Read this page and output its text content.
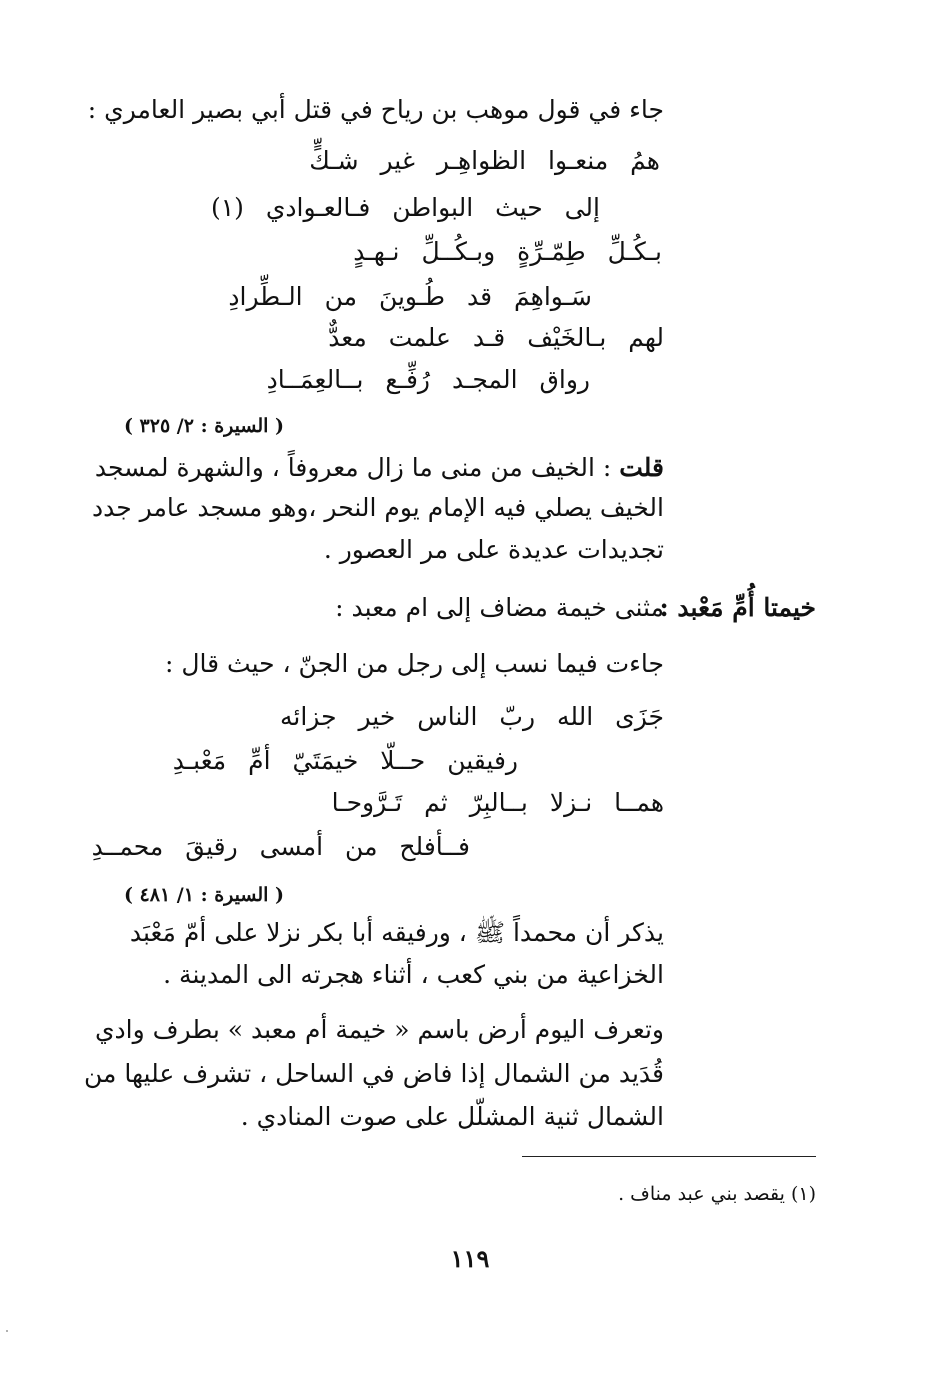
جاء في قول موهب بن رياح في قتل أبي بصير العامري :
همُ منعـوا الظواهِـر غير شـكٍّ
إلى حيث البواطن فـالعـوادي (١)
بـكُـلِّ طِمّـرِّةٍ وبـكُــلِّ نـهـدٍ
سَـواهِمَ قد طُـوينَ من الـطِّرادِ
لهم بـالخَيْف قـد علمت معدٌّ
رواق المجـد رُفِّـع بــالعِمَــادِ
( السيرة : ٢/ ٣٢٥ )
قلت : الخيف من منى ما زال معروفاً ، والشهرة لمسجد
الخيف يصلي فيه الإمام يوم النحر ،وهو مسجد عامر جدد
تجديدات عديدة على مر العصور .
خيمتا أُمِّ مَعْبد :
مثنى خيمة مضاف إلى ام معبد :
جاءت فيما نسب إلى رجل من الجنّ ، حيث قال :
جَزَى الله ربّ الناس خير جزائه
رفيقين حــلّا خيمَتَيّ أمِّ مَعْبـدِ
همــا نـزلا بــالبِرّ ثم تَـرَّوحـا
فــأفلح من أمسى رقيقَ محمــدِ
( السيرة : ١/ ٤٨١ )
يذكر أن محمداً ﷺ ، ورفيقه أبا بكر نزلا على أمّ مَعْبَد
الخزاعية من بني كعب ، أثناء هجرته الى المدينة .
وتعرف اليوم أرض باسم « خيمة أم معبد » بطرف وادي
قُدَيد من الشمال إذا فاض في الساحل ، تشرف عليها من
الشمال ثنية المشلّل على صوت المنادي .
(١) يقصد بني عبد مناف .
١١٩
